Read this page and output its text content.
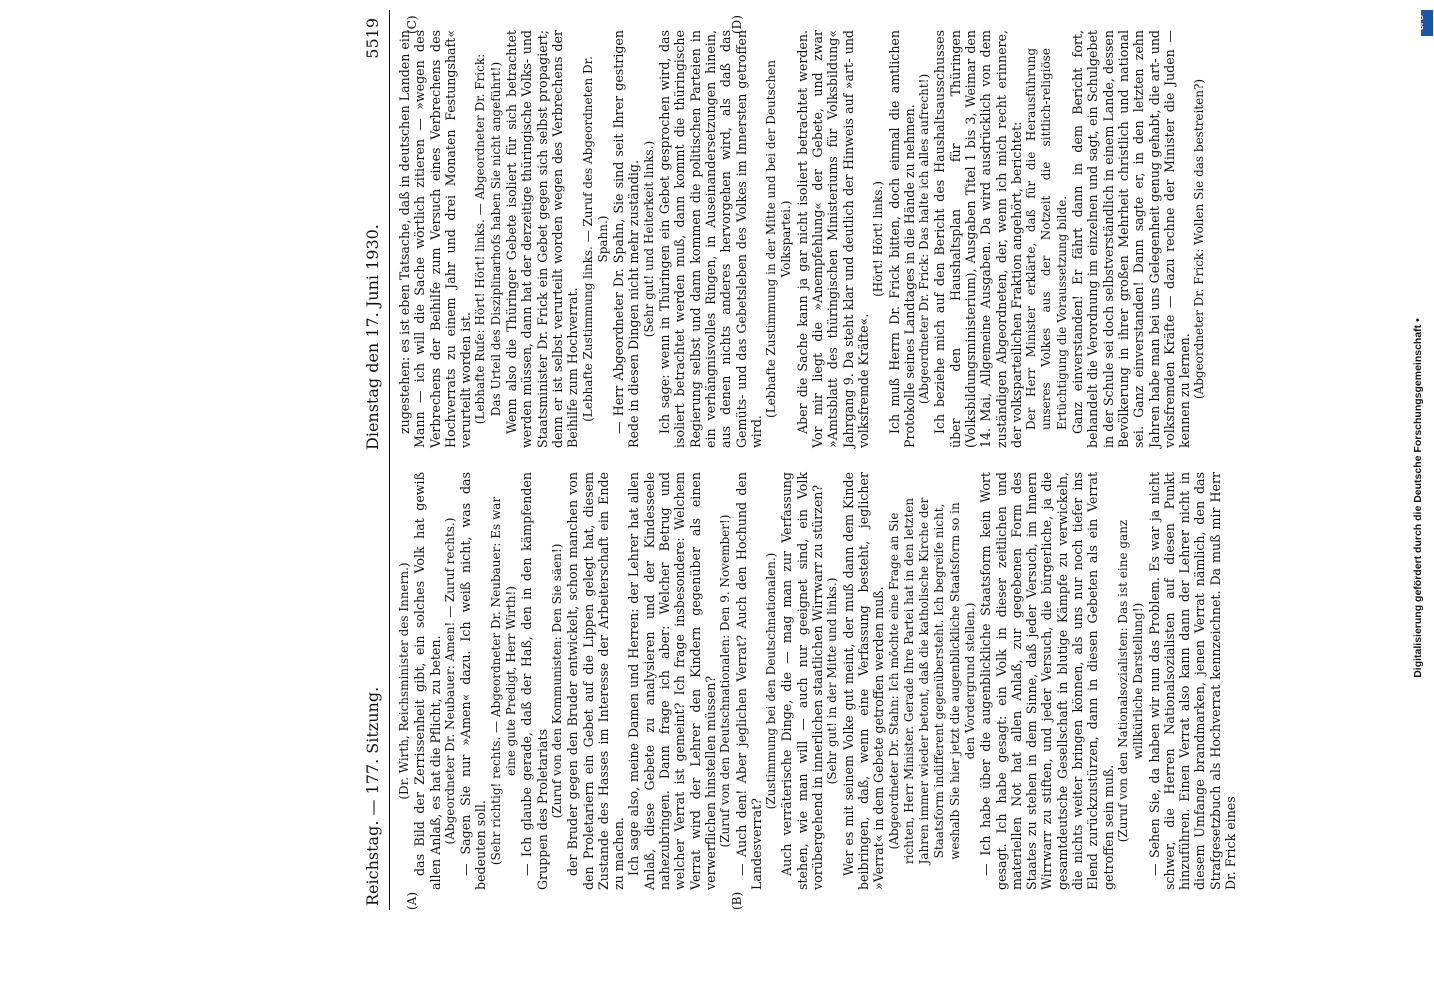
Reichstag. — 177. Sitzung.
Dienstag den 17. Juni 1930.
5519
(A)	(B)
(C)	(D)
(Dr. Wirth, Reichsminister des Innern.) das Bild der Zerrissenheit gibt, ein solches Volk hat gewiß allen Anlaß, es hat die Pflicht, zu beten. (Abgeordneter Dr. Neubauer: Amen! — Zuruf rechts.) — Sagen Sie nur »Amen« dazu. Ich weiß nicht, was das bedeuten soll. (Sehr richtig! rechts. — Abgeordneter Dr. Neubauer: Es war eine gute Predigt, Herr Wirth!) — Ich glaube gerade, daß der Haß, den in den kämpfenden Gruppen des Proletariats (Zuruf von den Kommunisten: Den Sie säen!) der Bruder gegen den Bruder entwickelt, schon manchen von den Proletariern ein Gebet auf die Lippen gelegt hat, diesem Zustande des Hasses im Interesse der Arbeiterschaft ein Ende zu machen. Ich sage also, meine Damen und Herren: der Lehrer hat allen Anlaß, diese Gebete zu analysieren und der Kindesseele nahezubringen. Dann frage ich aber: Welcher Betrug und welcher Verrat ist gemeint? Ich frage insbesondere: Welchem Verrat wird der Lehrer den Kindern gegenüber als einen verwerflichen hinstellen müssen? (Zuruf von den Deutschnationalen: Den 9. November!) — Auch den! Aber jeglichen Verrat? Auch den Hochund den Landesverrat?
(Zustimmung bei den Deutschnationalen.) Auch verräterische Dinge, die — mag man zur Verfassung stehen, wie man will — auch nur geeignet sind, ein Volk vorübergehend in innerlichen staatlichen Wirrwarr zu stürzen? (Sehr gut! in der Mitte und links.) Wer es mit seinem Volke gut meint, der muß dann dem Kinde beibringen, daß, wenn eine Verfassung besteht, jeglicher »Verrat« in dem Gebete getroffen werden muß. (Abgeordneter Dr. Stahn: Ich möchte eine Frage an Sie richten, Herr Minister. Gerade Ihre Partei hat in den letzten Jahren immer wieder betont, daß die katholische Kirche der Staatsform indifferent gegenübersteht. Ich begreife nicht, weshalb Sie hier jetzt die augenblickliche Staatsform so in den Vordergrund stellen.) — Ich habe über die augenblickliche Staatsform kein Wort gesagt. Ich habe gesagt: ein Volk in dieser zeitlichen und materiellen Not hat allen Anlaß, zur gegebenen Form des Staates zu stehen in dem Sinne, daß jeder Versuch, im Innern Wirrwarr zu stiften, und jeder Versuch, die bürgerliche, ja die gesamtdeutsche Gesellschaft in blutige Kämpfe zu verwickeln, die nichts weiter bringen können, als uns nur noch tiefer ins Elend zurückzustürzen, dann in diesen Gebeten als ein Verrat getroffen sein muß. (Zuruf von den Nationalsozialisten: Das ist eine ganz willkürliche Darstellung!) — Sehen Sie, da haben wir nun das Problem. Es war ja nicht schwer, die Herren Nationalsozialisten auf diesen Punkt hinzuführen. Einen Verrat also kann dann der Lehrer nicht in diesem Umfange brandmarken, jenen Verrat nämlich, den das Strafgesetzbuch als Hochverrat kennzeichnet. Da muß mir Herr Dr. Frick eines
zugestehen: es ist eben Tatsache, daß in deutschen Landen ein Mann — ich will die Sache wörtlich zitieren — »wegen des Verbrechens der Beihilfe zum Versuch eines Verbrechens des Hochverrats zu einem Jahr und drei Monaten Festungshaft« verurteilt worden ist. (Lebhafte Rufe: Hört! Hört! links. — Abgeordneter Dr. Frick: Das Urteil des Disziplinarhofs haben Sie nicht angeführt!) Wenn also die Thüringer Gebete isoliert für sich betrachtet werden müssen, dann hat der derzeitige thüringische Volks- und Staatsminister Dr. Frick ein Gebet gegen sich selbst propagiert; denn er ist selbst verurteilt worden wegen des Verbrechens der Beihilfe zum Hochverrat. (Lebhafte Zustimmung links. — Zuruf des Abgeordneten Dr. Spahn.) — Herr Abgeordneter Dr. Spahn, Sie sind seit Ihrer gestrigen Rede in diesen Dingen nicht mehr zuständig. (Sehr gut! und Heiterkeit links.) Ich sage: wenn in Thüringen ein Gebet gesprochen wird, das isoliert betrachtet werden muß, dann kommt die thüringische Regierung selbst und dann kommen die politischen Parteien in ein verhängnisvolles Ringen, in Auseinandersetzungen hinein, aus denen nichts anderes hervorgehen wird, als daß das Gemüts- und das Gebetsleben des Volkes im Innersten getroffen wird.
(Lebhafte Zustimmung in der Mitte und bei der Deutschen Volkspartei.) Aber die Sache kann ja gar nicht isoliert betrachtet werden. Vor mir liegt die »Anempfehlung« der Gebete, und zwar »Amtsblatt des thüringischen Ministeriums für Volksbildung« Jahrgang 9. Da steht klar und deutlich der Hinweis auf »art- und volksfremde Kräfte«.
(Hört! Hört! links.) Ich muß Herrn Dr. Frick bitten, doch einmal die amtlichen Protokolle seines Landtages in die Hände zu nehmen. (Abgeordneter Dr. Frick: Das halte ich alles aufrecht!) Ich beziehe mich auf den Bericht des Haushaltsausschusses über den Haushaltsplan für Thüringen (Volksbildungsministerium), Ausgaben Titel 1 bis 3, Weimar den 14. Mai, Allgemeine Ausgaben. Da wird ausdrücklich von dem zuständigen Abgeordneten, der, wenn ich mich recht erinnere, der volksparteilichen Fraktion angehört, berichtet: Der Herr Minister erklärte, daß für die Herausführung unseres Volkes aus der Notzeit die sittlich-religiöse Ertüchtigung die Voraussetzung bilde. Ganz einverstanden! Er fährt dann in dem Bericht fort, behandelt die Verordnung im einzelnen und sagt, ein Schulgebet in der Schule sei doch selbstverständlich in einem Lande, dessen Bevölkerung in ihrer großen Mehrheit christlich und national sei. Ganz einverstanden! Dann sagte er, in den letzten zehn Jahren habe man bei uns Gelegenheit genug gehabt, die art- und volksfremden Kräfte — dazu rechne der Minister die Juden — kennen zu lernen. (Abgeordneter Dr. Frick: Wollen Sie das bestreiten?)
Digitalisierung gefördert durch die Deutsche Forschungsgemeinschaft •
DFG
